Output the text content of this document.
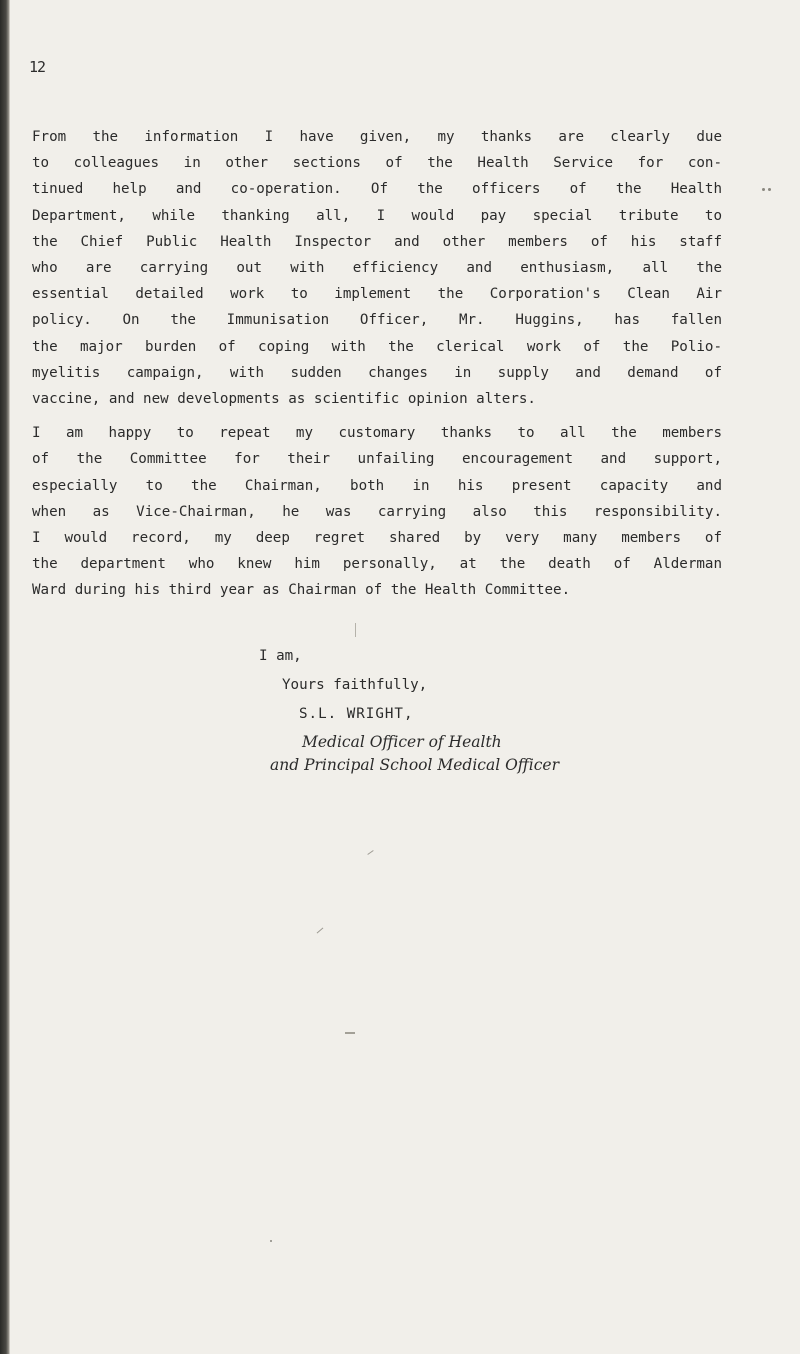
12
From the information I have given, my thanks are clearly due
to colleagues in other sections of the Health Service for con-
tinued help and co-operation. Of the officers of the Health
Department, while thanking all, I would pay special tribute to
the Chief Public Health Inspector and other members of his staff
who are carrying out with efficiency and enthusiasm, all the
essential detailed work to implement the Corporation's Clean Air
policy. On the Immunisation Officer, Mr. Huggins, has fallen
the major burden of coping with the clerical work of the Polio-
myelitis campaign, with sudden changes in supply and demand of
vaccine, and new developments as scientific opinion alters.
I am happy to repeat my customary thanks to all the members
of the Committee for their unfailing encouragement and support,
especially to the Chairman, both in his present capacity and
when as Vice-Chairman, he was carrying also this responsibility.
I would record, my deep regret shared by very many members of
the department who knew him personally, at the death of Alderman
Ward during his third year as Chairman of the Health Committee.
I am,
Yours faithfully,
S.L. WRIGHT,
Medical Officer of Health
and Principal School Medical Officer
